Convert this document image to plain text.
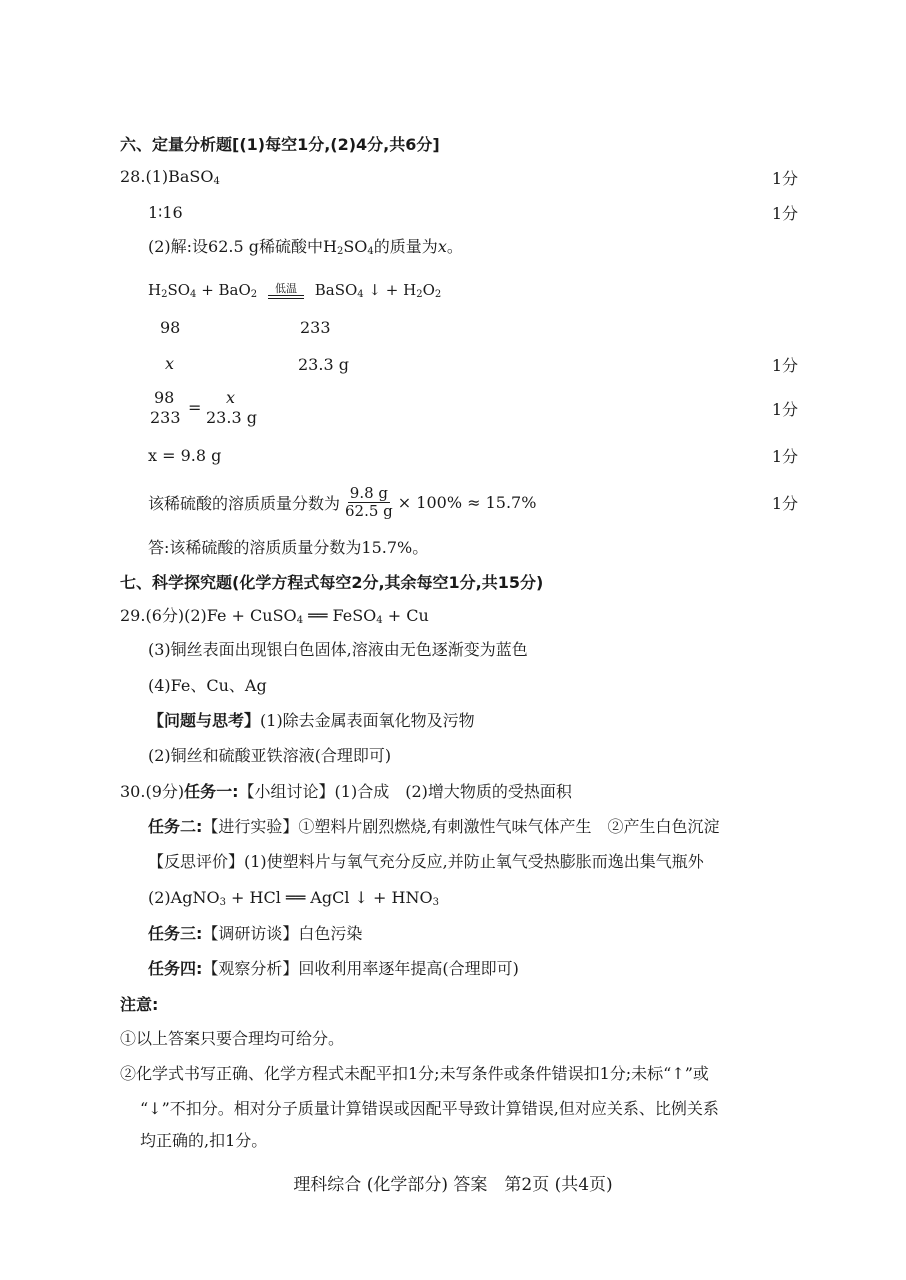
六、定量分析题[(1)每空1分,(2)4分,共6分]
28.(1)BaSO$_4$	1分
1∶16	1分
(2)解:设62.5 g稀硫酸中$H_2SO_4$的质量为x。
$H_2SO_4 + BaO_2$ 低温 BaSO$_4$ ↓ + $H_2O_2$
98	233
x	23.3 g	1分
98
233
=
x
23.3 g	1分
x = 9.8 g	1分
该稀硫酸的溶质质量分数为 $\frac{9.8 g}{62.5 g} \times 100\% \approx 15.7\%$	1分
答:该稀硫酸的溶质质量分数为15.7%。
七、科学探究题(化学方程式每空2分,其余每空1分,共15分)
29.(6分)(2)Fe + CuSO$_4$ ══ FeSO$_4$ + Cu
(3)铜丝表面出现银白色固体,溶液由无色逐渐变为蓝色
(4)Fe、Cu、Ag
【问题与思考】(1)除去金属表面氧化物及污物
(2)铜丝和硫酸亚铁溶液(合理即可)
30.(9分)任务一:【小组讨论】(1)合成　(2)增大物质的受热面积
任务二:【进行实验】①塑料片剧烈燃烧,有刺激性气味气体产生　②产生白色沉淀
【反思评价】(1)使塑料片与氧气充分反应,并防止氧气受热膨胀而逸出集气瓶外
(2)AgNO$_3$ + HCl ══ AgCl ↓ + $HNO_3$
任务三:【调研访谈】白色污染
任务四:【观察分析】回收利用率逐年提高(合理即可)
注意:
①以上答案只要合理均可给分。
②化学式书写正确、化学方程式未配平扣1分;未写条件或条件错误扣1分;未标“↑”或
“↓”不扣分。相对分子质量计算错误或因配平导致计算错误,但对应关系、比例关系
均正确的,扣1分。
理科综合 (化学部分) 答案　第2页 (共4页)
